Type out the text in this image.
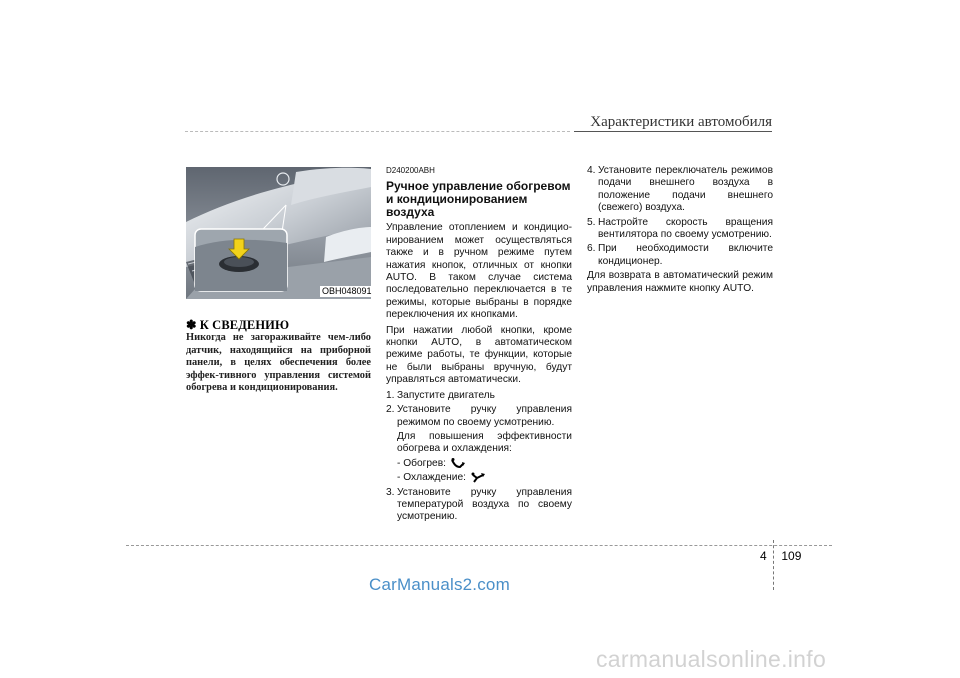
Характеристики автомобиля
OBH048091
✽ К СВЕДЕНИЮ
Никогда не загораживайте чем-либо датчик, находящийся на приборной панели, в целях обеспечения более эффек-тивного управления системой обогрева и кондиционирования.
D240200ABH
Ручное управление обогревом
и кондиционированием воздуха
Управление отоплением и кондицио-нированием может осуществляться также и в ручном режиме путем нажатия кнопок, отличных от кнопки AUTO. В таком случае система последовательно переключается в те режимы, которые выбраны в порядке переключения их кнопками.
При нажатии любой кнопки, кроме кнопки AUTO, в автоматическом режиме работы, те функции, которые не были выбраны вручную, будут управляться автоматически.
1. Запустите двигатель
2. Установите ручку управления режимом по своему усмотрению.
Для повышения эффективности обогрева и охлаждения:
- Обогрев:
- Охлаждение:
3. Установите ручку управления температурой воздуха по своему усмотрению.
4. Установите переключатель режимов подачи внешнего воздуха в положение подачи внешнего (свежего) воздуха.
5. Настройте скорость вращения вентилятора по своему усмотрению.
6. При необходимости включите кондиционер.
Для возврата в автоматический режим управления нажмите кнопку AUTO.
4 109
CarManuals2.com
carmanualsonline.info
